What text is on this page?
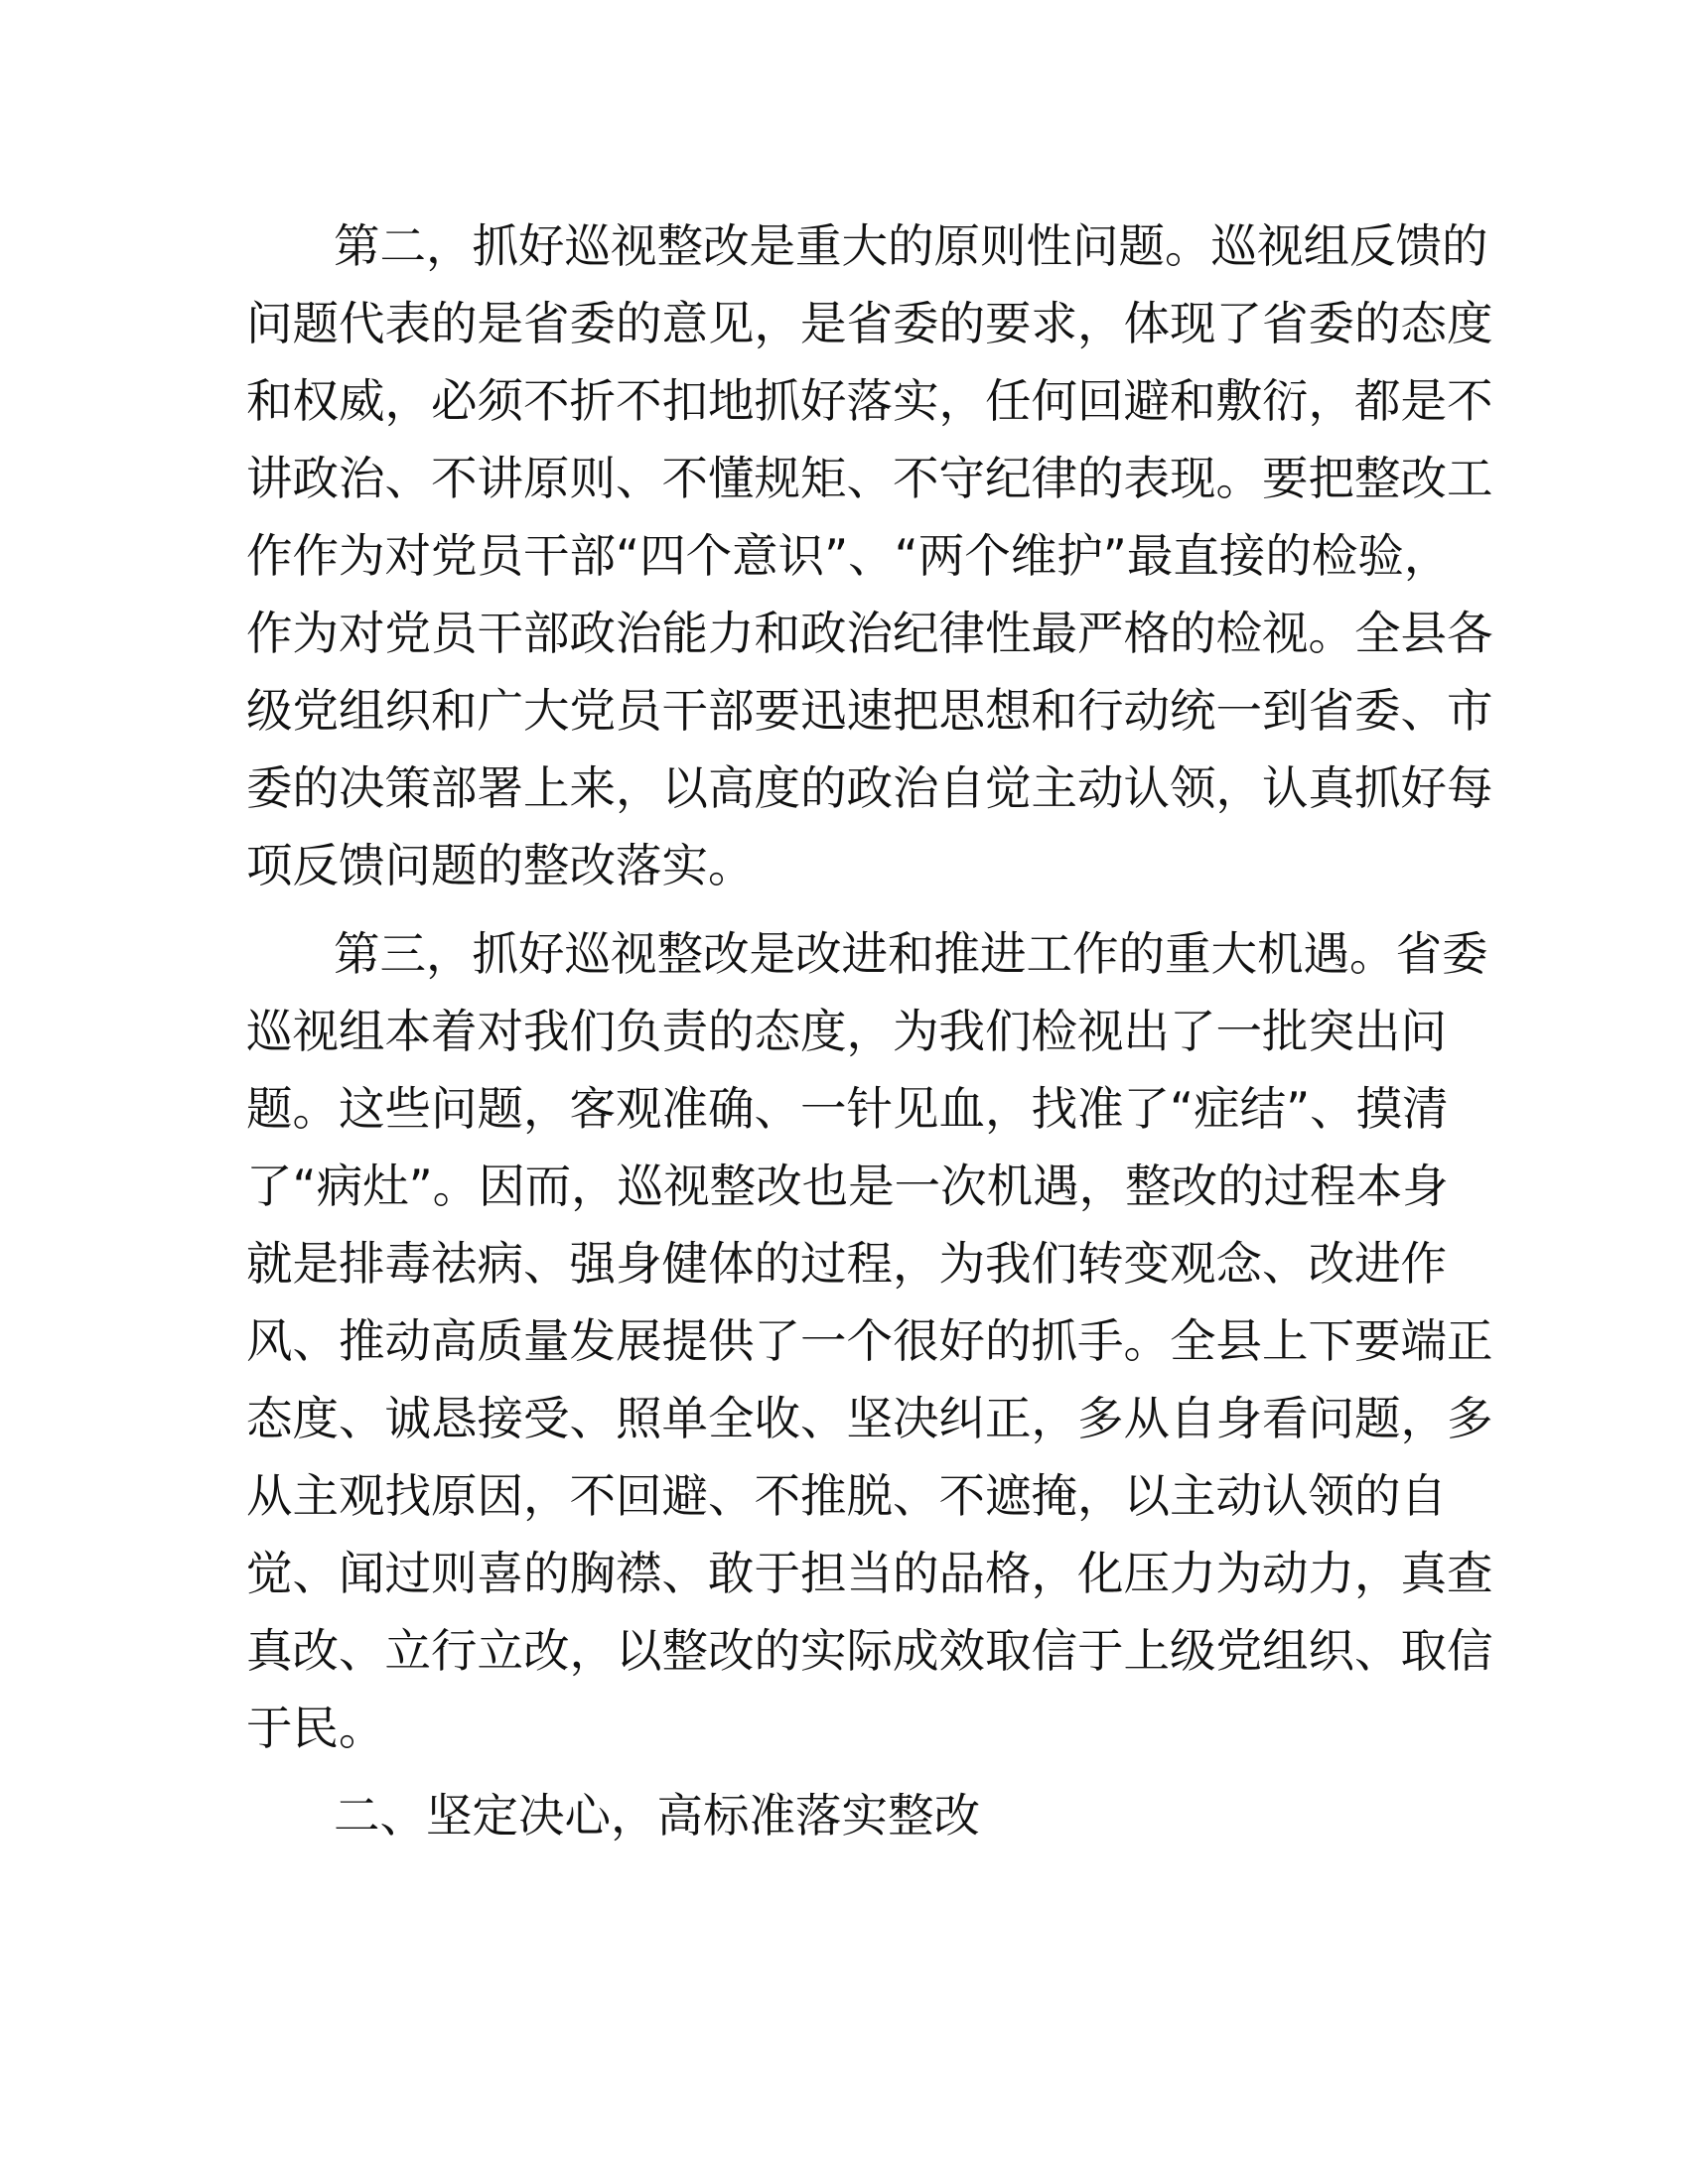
第二，抓好巡视整改是重大的原则性问题。巡视组反馈的
问题代表的是省委的意见，是省委的要求，体现了省委的态度
和权威，必须不折不扣地抓好落实，任何回避和敷衍，都是不
讲政治、不讲原则、不懂规矩、不守纪律的表现。要把整改工
作作为对党员干部“四个意识”、“两个维护”最直接的检验，
作为对党员干部政治能力和政治纪律性最严格的检视。全县各
级党组织和广大党员干部要迅速把思想和行动统一到省委、市
委的决策部署上来，以高度的政治自觉主动认领，认真抓好每
项反馈问题的整改落实。
第三，抓好巡视整改是改进和推进工作的重大机遇。省委
巡视组本着对我们负责的态度，为我们检视出了一批突出问
题。这些问题，客观准确、一针见血，找准了“症结”、摸清
了“病灶”。因而，巡视整改也是一次机遇，整改的过程本身
就是排毒祛病、强身健体的过程，为我们转变观念、改进作
风、推动高质量发展提供了一个很好的抓手。全县上下要端正
态度、诚恳接受、照单全收、坚决纠正，多从自身看问题，多
从主观找原因，不回避、不推脱、不遮掩，以主动认领的自
觉、闻过则喜的胸襟、敢于担当的品格，化压力为动力，真查
真改、立行立改，以整改的实际成效取信于上级党组织、取信
于民。
二、坚定决心，高标准落实整改
